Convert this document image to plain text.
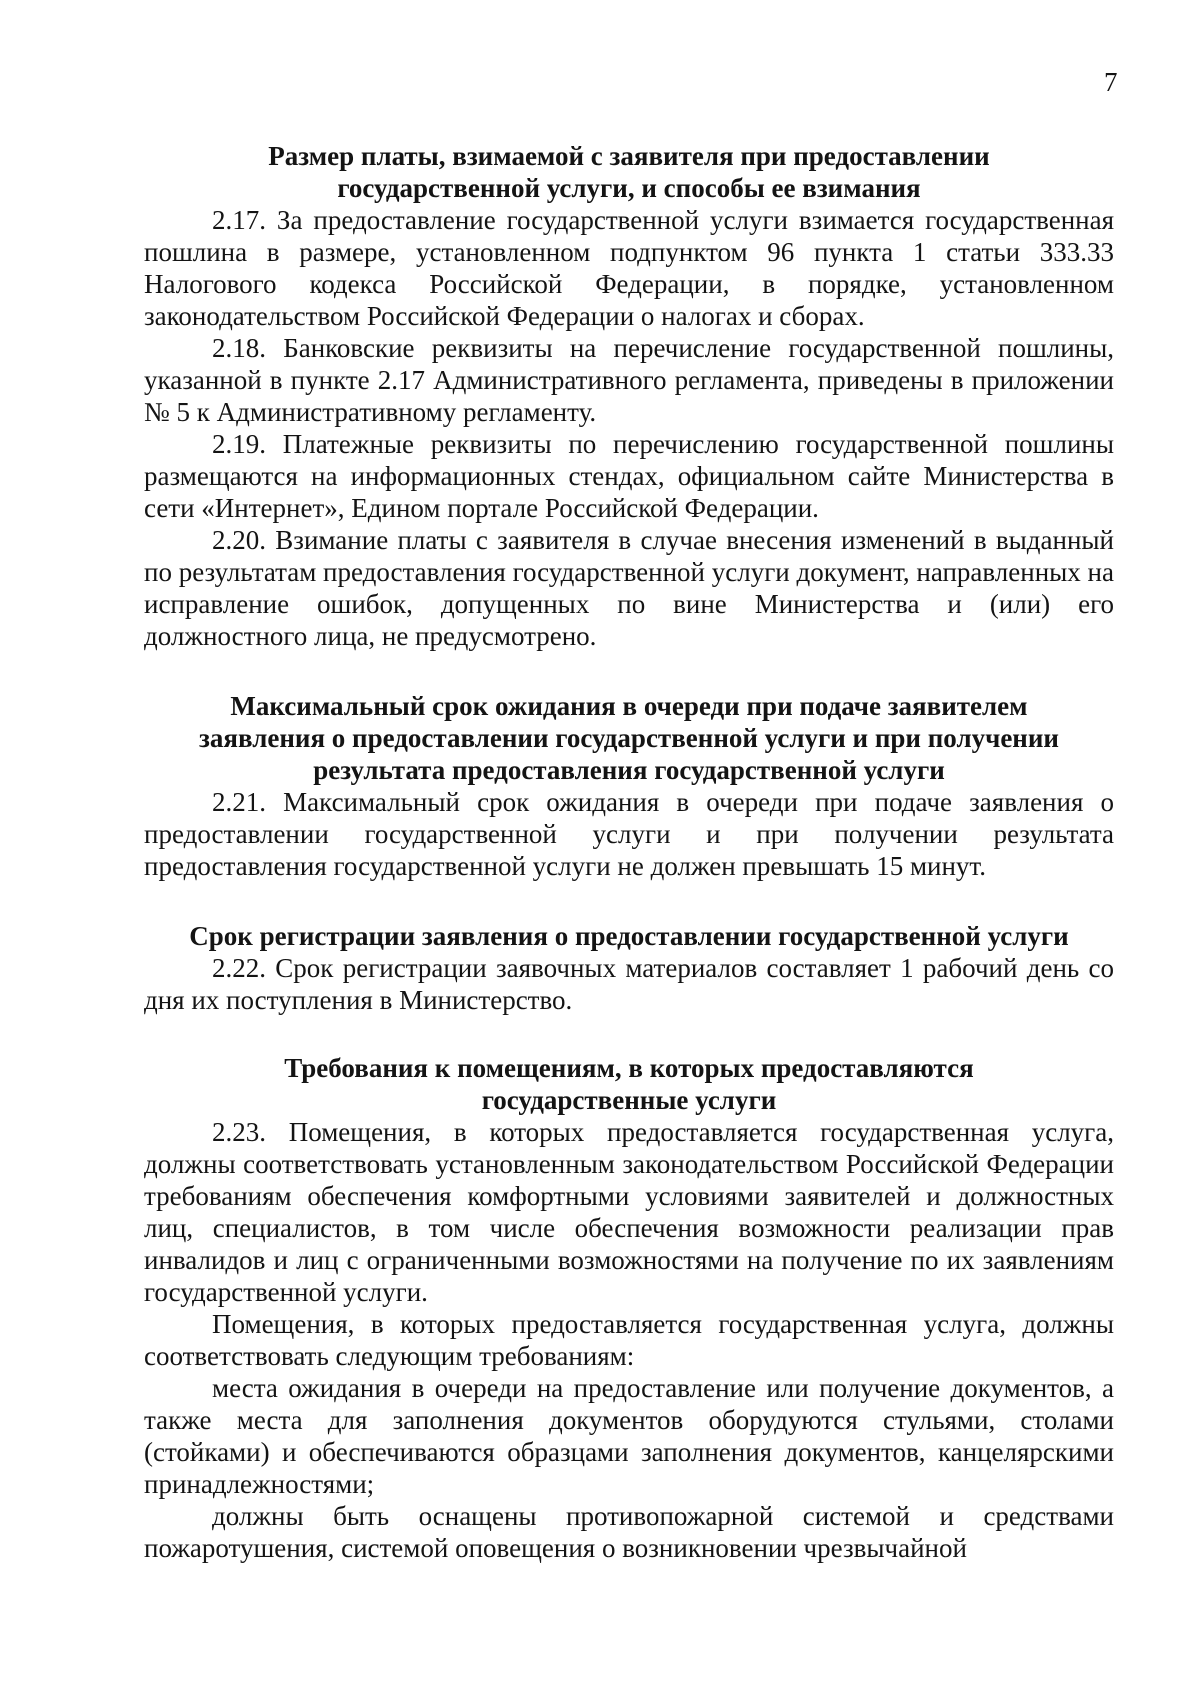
7
Размер платы, взимаемой с заявителя при предоставлении
государственной услуги, и способы ее взимания

2.17. За предоставление государственной услуги взимается государственная пошлина в размере, установленном подпунктом 96 пункта 1 статьи 333.33 Налогового кодекса Российской Федерации, в порядке, установленном законодательством Российской Федерации о налогах и сборах.

2.18. Банковские реквизиты на перечисление государственной пошлины, указанной в пункте 2.17 Административного регламента, приведены в приложении № 5 к Административному регламенту.

2.19. Платежные реквизиты по перечислению государственной пошлины размещаются на информационных стендах, официальном сайте Министерства в сети «Интернет», Едином портале Российской Федерации.

2.20. Взимание платы с заявителя в случае внесения изменений в выданный по результатам предоставления государственной услуги документ, направленных на исправление ошибок, допущенных по вине Министерства и (или) его должностного лица, не предусмотрено.

Максимальный срок ожидания в очереди при подаче заявителем
заявления о предоставлении государственной услуги и при получении
результата предоставления государственной услуги

2.21. Максимальный срок ожидания в очереди при подаче заявления о предоставлении государственной услуги и при получении результата предоставления государственной услуги не должен превышать 15 минут.

Срок регистрации заявления о предоставлении государственной услуги

2.22. Срок регистрации заявочных материалов составляет 1 рабочий день со дня их поступления в Министерство.

Требования к помещениям, в которых предоставляются
государственные услуги

2.23. Помещения, в которых предоставляется государственная услуга, должны соответствовать установленным законодательством Российской Федерации требованиям обеспечения комфортными условиями заявителей и должностных лиц, специалистов, в том числе обеспечения возможности реализации прав инвалидов и лиц с ограниченными возможностями на получение по их заявлениям государственной услуги.

Помещения, в которых предоставляется государственная услуга, должны соответствовать следующим требованиям:

места ожидания в очереди на предоставление или получение документов, а также места для заполнения документов оборудуются стульями, столами (стойками) и обеспечиваются образцами заполнения документов, канцелярскими принадлежностями;

должны быть оснащены противопожарной системой и средствами пожаротушения, системой оповещения о возникновении чрезвычайной
